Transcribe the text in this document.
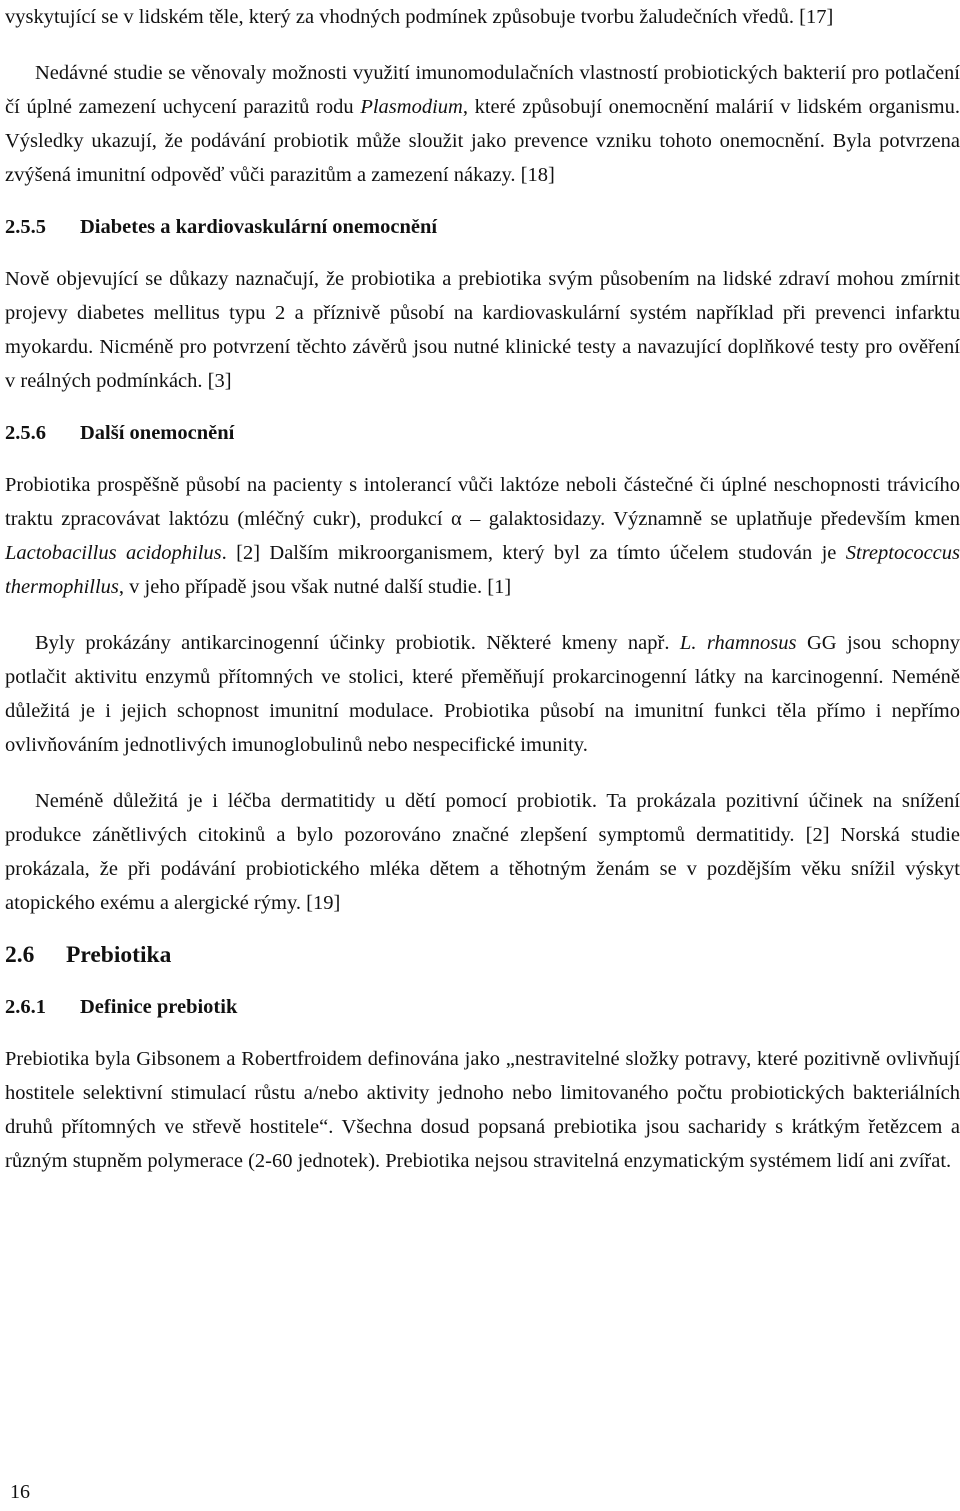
vyskytující se v lidském těle, který za vhodných podmínek způsobuje tvorbu žaludečních vředů. [17]

Nedávné studie se věnovaly možnosti využití imunomodulačních vlastností probiotických bakterií pro potlačení čí úplné zamezení uchycení parazitů rodu Plasmodium, které způsobují onemocnění malárií v lidském organismu. Výsledky ukazují, že podávání probiotik může sloužit jako prevence vzniku tohoto onemocnění. Byla potvrzena zvýšená imunitní odpověď vůči parazitům a zamezení nákazy. [18]

2.5.5 Diabetes a kardiovaskulární onemocnění

Nově objevující se důkazy naznačují, že probiotika a prebiotika svým působením na lidské zdraví mohou zmírnit projevy diabetes mellitus typu 2 a příznivě působí na kardiovaskulární systém například při prevenci infarktu myokardu. Nicméně pro potvrzení těchto závěrů jsou nutné klinické testy a navazující doplňkové testy pro ověření v reálných podmínkách. [3]

2.5.6 Další onemocnění

Probiotika prospěšně působí na pacienty s intolerancí vůči laktóze neboli částečné či úplné neschopnosti trávicího traktu zpracovávat laktózu (mléčný cukr), produkcí α – galaktosidazy. Významně se uplatňuje především kmen Lactobacillus acidophilus. [2] Dalším mikroorganismem, který byl za tímto účelem studován je Streptococcus thermophillus, v jeho případě jsou však nutné další studie. [1]

Byly prokázány antikarcinogenní účinky probiotik. Některé kmeny např. L. rhamnosus GG jsou schopny potlačit aktivitu enzymů přítomných ve stolici, které přeměňují prokarcinogenní látky na karcinogenní. Neméně důležitá je i jejich schopnost imunitní modulace. Probiotika působí na imunitní funkci těla přímo i nepřímo ovlivňováním jednotlivých imunoglobulinů nebo nespecifické imunity.

Neméně důležitá je i léčba dermatitidy u dětí pomocí probiotik. Ta prokázala pozitivní účinek na snížení produkce zánětlivých citokinů a bylo pozorováno značné zlepšení symptomů dermatitidy. [2] Norská studie prokázala, že při podávání probiotického mléka dětem a těhotným ženám se v pozdějším věku snížil výskyt atopického exému a alergické rýmy. [19]

2.6 Prebiotika
2.6.1 Definice prebiotik

Prebiotika byla Gibsonem a Robertfroidem definována jako „nestravitelné složky potravy, které pozitivně ovlivňují hostitele selektivní stimulací růstu a/nebo aktivity jednoho nebo limitovaného počtu probiotických bakteriálních druhů přítomných ve střevě hostitele“. Všechna dosud popsaná prebiotika jsou sacharidy s krátkým řetězcem a různým stupněm polymerace (2-60 jednotek). Prebiotika nejsou stravitelná enzymatickým systémem lidí ani zvířat.

16
